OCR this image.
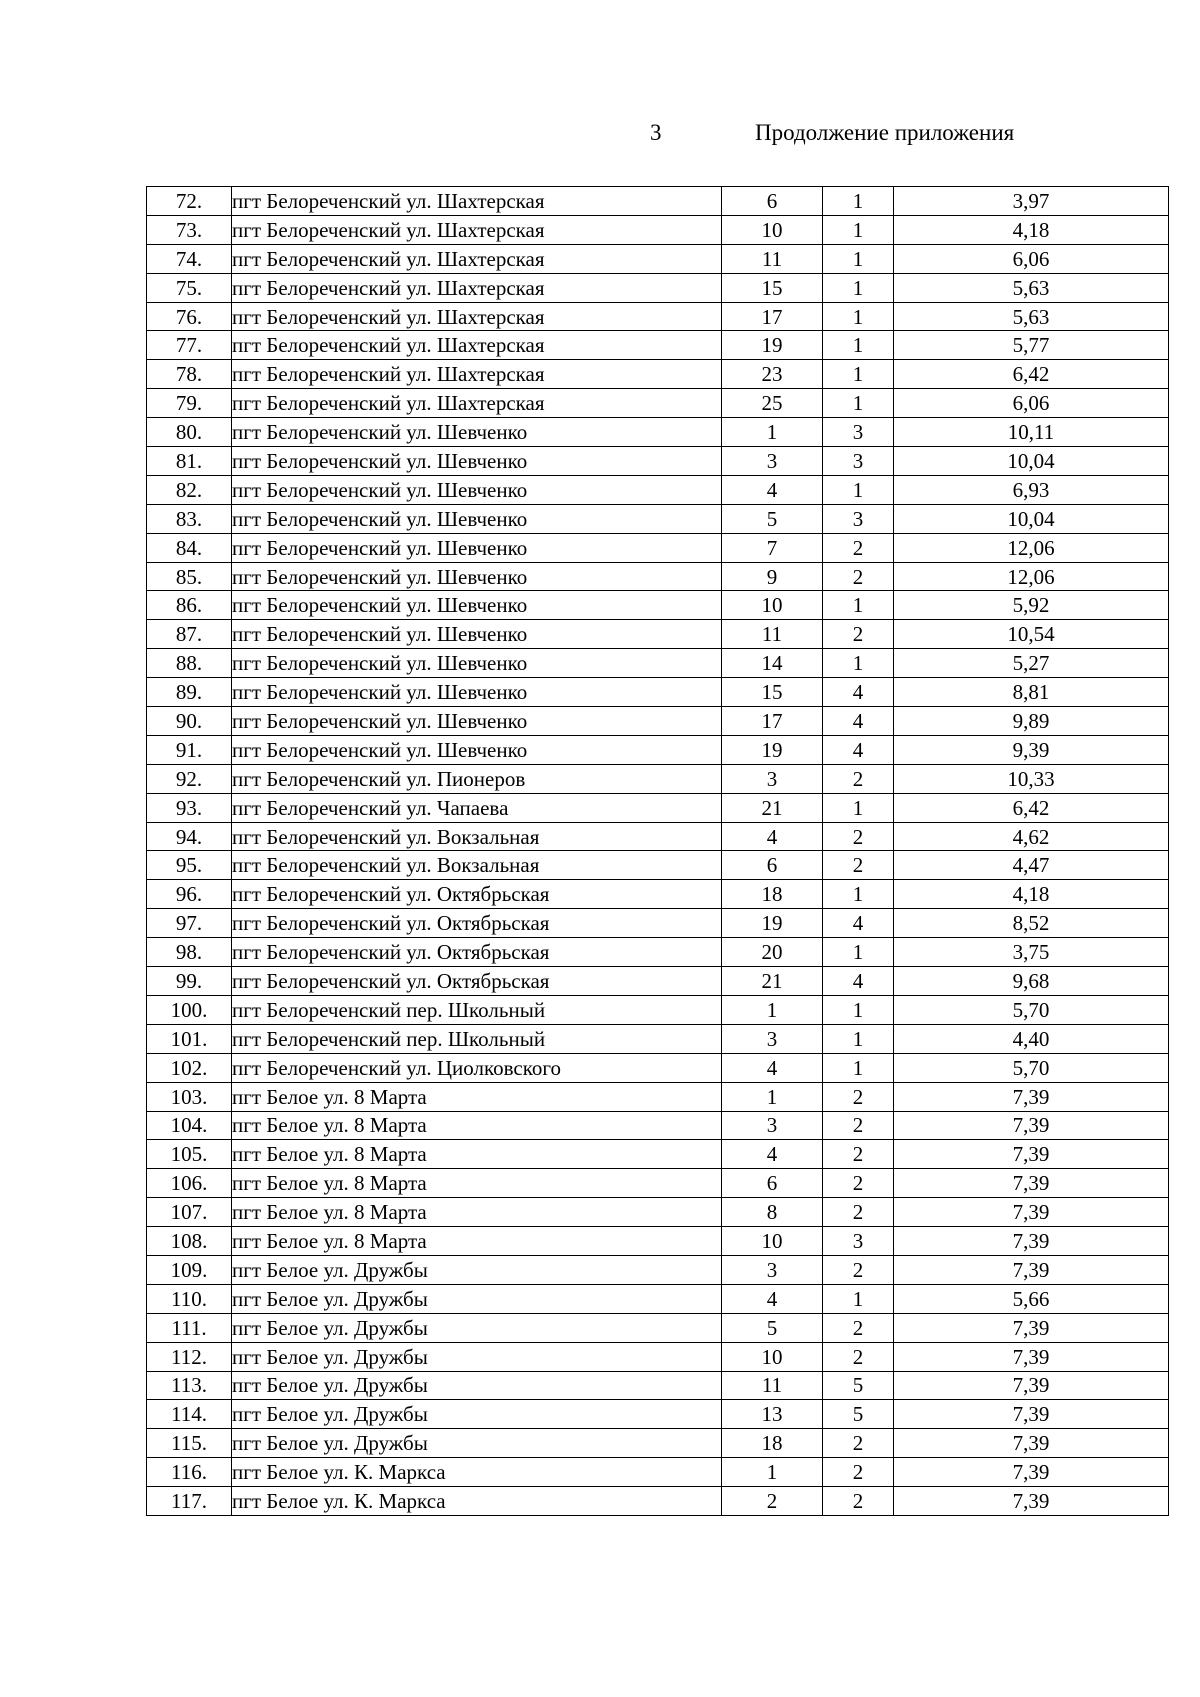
3	Продолжение приложения
72.	пгт Белореченский ул. Шахтерская	6	1	3,97
73.	пгт Белореченский ул. Шахтерская	10	1	4,18
74.	пгт Белореченский ул. Шахтерская	11	1	6,06
75.	пгт Белореченский ул. Шахтерская	15	1	5,63
76.	пгт Белореченский ул. Шахтерская	17	1	5,63
77.	пгт Белореченский ул. Шахтерская	19	1	5,77
78.	пгт Белореченский ул. Шахтерская	23	1	6,42
79.	пгт Белореченский ул. Шахтерская	25	1	6,06
80.	пгт Белореченский ул. Шевченко	1	3	10,11
81.	пгт Белореченский ул. Шевченко	3	3	10,04
82.	пгт Белореченский ул. Шевченко	4	1	6,93
83.	пгт Белореченский ул. Шевченко	5	3	10,04
84.	пгт Белореченский ул. Шевченко	7	2	12,06
85.	пгт Белореченский ул. Шевченко	9	2	12,06
86.	пгт Белореченский ул. Шевченко	10	1	5,92
87.	пгт Белореченский ул. Шевченко	11	2	10,54
88.	пгт Белореченский ул. Шевченко	14	1	5,27
89.	пгт Белореченский ул. Шевченко	15	4	8,81
90.	пгт Белореченский ул. Шевченко	17	4	9,89
91.	пгт Белореченский ул. Шевченко	19	4	9,39
92.	пгт Белореченский ул. Пионеров	3	2	10,33
93.	пгт Белореченский ул. Чапаева	21	1	6,42
94.	пгт Белореченский ул. Вокзальная	4	2	4,62
95.	пгт Белореченский ул. Вокзальная	6	2	4,47
96.	пгт Белореченский ул. Октябрьская	18	1	4,18
97.	пгт Белореченский ул. Октябрьская	19	4	8,52
98.	пгт Белореченский ул. Октябрьская	20	1	3,75
99.	пгт Белореченский ул. Октябрьская	21	4	9,68
100.	пгт Белореченский пер. Школьный	1	1	5,70
101.	пгт Белореченский пер. Школьный	3	1	4,40
102.	пгт Белореченский ул. Циолковского	4	1	5,70
103.	пгт Белое ул. 8 Марта	1	2	7,39
104.	пгт Белое ул. 8 Марта	3	2	7,39
105.	пгт Белое ул. 8 Марта	4	2	7,39
106.	пгт Белое ул. 8 Марта	6	2	7,39
107.	пгт Белое ул. 8 Марта	8	2	7,39
108.	пгт Белое ул. 8 Марта	10	3	7,39
109.	пгт Белое ул. Дружбы	3	2	7,39
110.	пгт Белое ул. Дружбы	4	1	5,66
111.	пгт Белое ул. Дружбы	5	2	7,39
112.	пгт Белое ул. Дружбы	10	2	7,39
113.	пгт Белое ул. Дружбы	11	5	7,39
114.	пгт Белое ул. Дружбы	13	5	7,39
115.	пгт Белое ул. Дружбы	18	2	7,39
116.	пгт Белое ул. К. Маркса	1	2	7,39
117.	пгт Белое ул. К. Маркса	2	2	7,39
